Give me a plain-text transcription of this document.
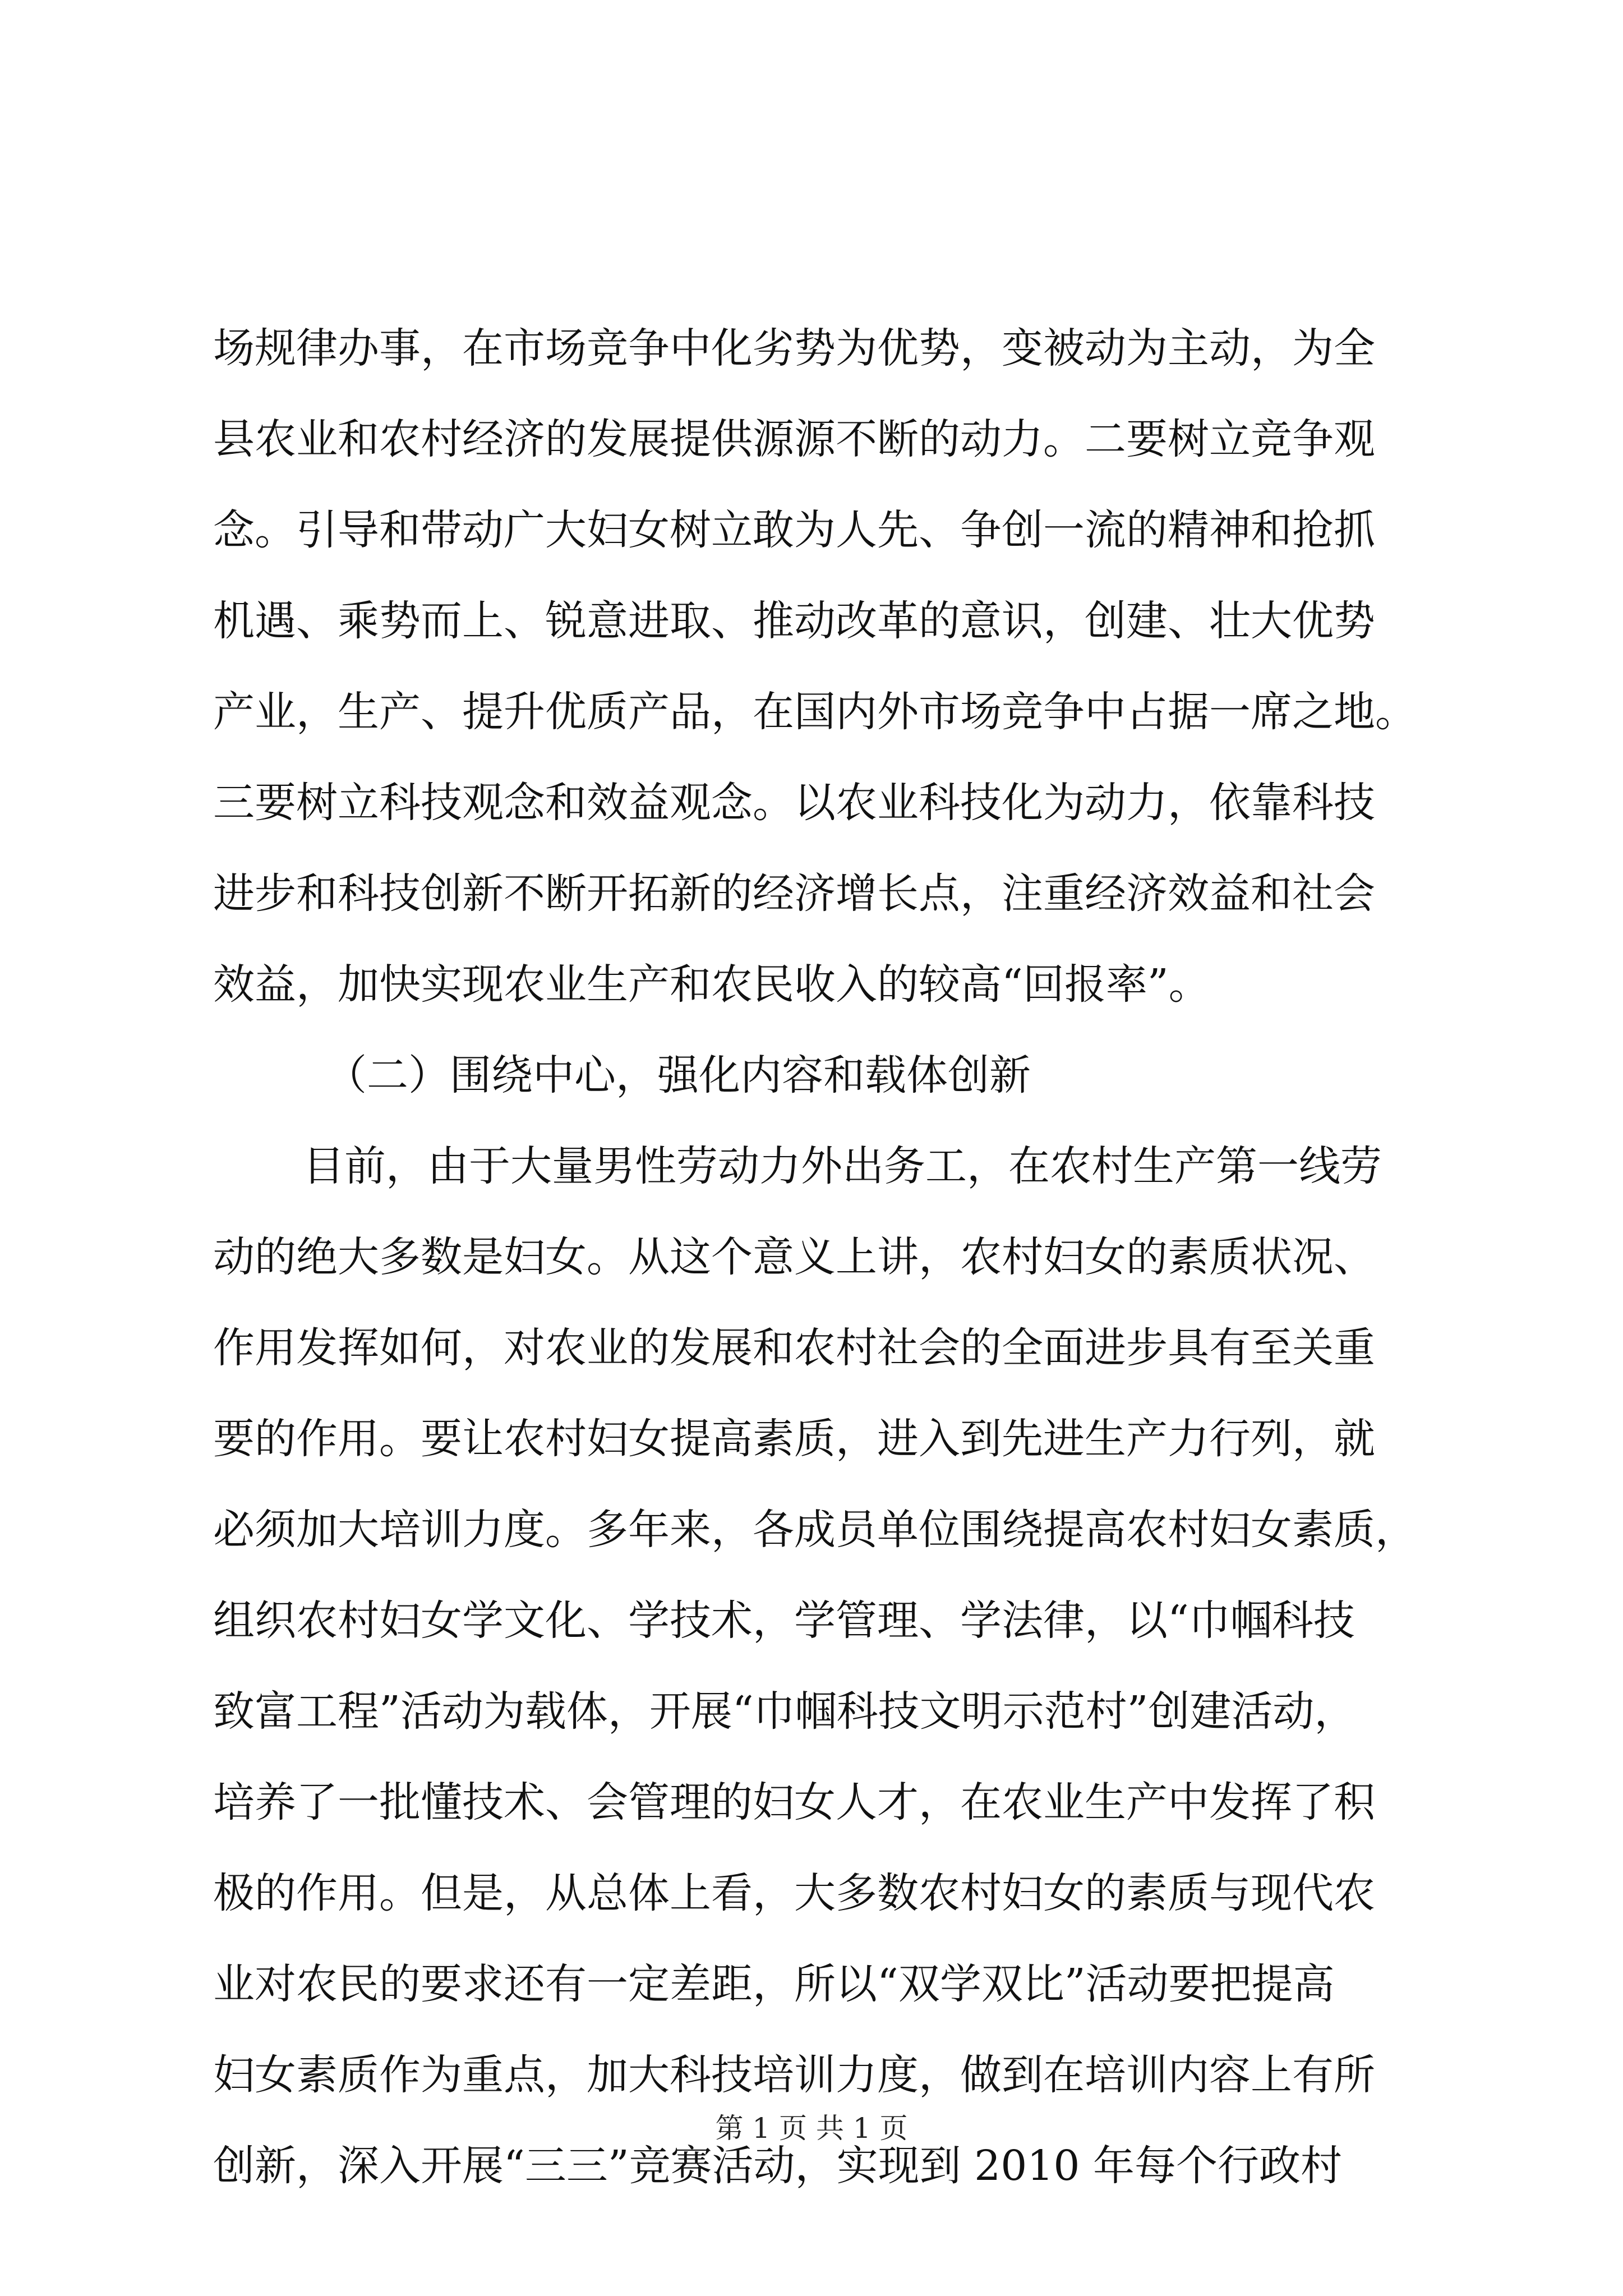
场规律办事，在市场竞争中化劣势为优势，变被动为主动，为全
县农业和农村经济的发展提供源源不断的动力。二要树立竞争观
念。引导和带动广大妇女树立敢为人先、争创一流的精神和抢抓
机遇、乘势而上、锐意进取、推动改革的意识，创建、壮大优势
产业，生产、提升优质产品，在国内外市场竞争中占据一席之地。
三要树立科技观念和效益观念。以农业科技化为动力，依靠科技
进步和科技创新不断开拓新的经济增长点，注重经济效益和社会
效益，加快实现农业生产和农民收入的较高“回报率”。
（二）围绕中心，强化内容和载体创新
目前，由于大量男性劳动力外出务工，在农村生产第一线劳
动的绝大多数是妇女。从这个意义上讲，农村妇女的素质状况、
作用发挥如何，对农业的发展和农村社会的全面进步具有至关重
要的作用。要让农村妇女提高素质，进入到先进生产力行列，就
必须加大培训力度。多年来，各成员单位围绕提高农村妇女素质，
组织农村妇女学文化、学技术，学管理、学法律，以“巾帼科技
致富工程”活动为载体，开展“巾帼科技文明示范村”创建活动，
培养了一批懂技术、会管理的妇女人才，在农业生产中发挥了积
极的作用。但是，从总体上看，大多数农村妇女的素质与现代农
业对农民的要求还有一定差距，所以“双学双比”活动要把提高
妇女素质作为重点，加大科技培训力度，做到在培训内容上有所
创新，深入开展“三三”竞赛活动，实现到 2010 年每个行政村
第 1 页 共 1 页
